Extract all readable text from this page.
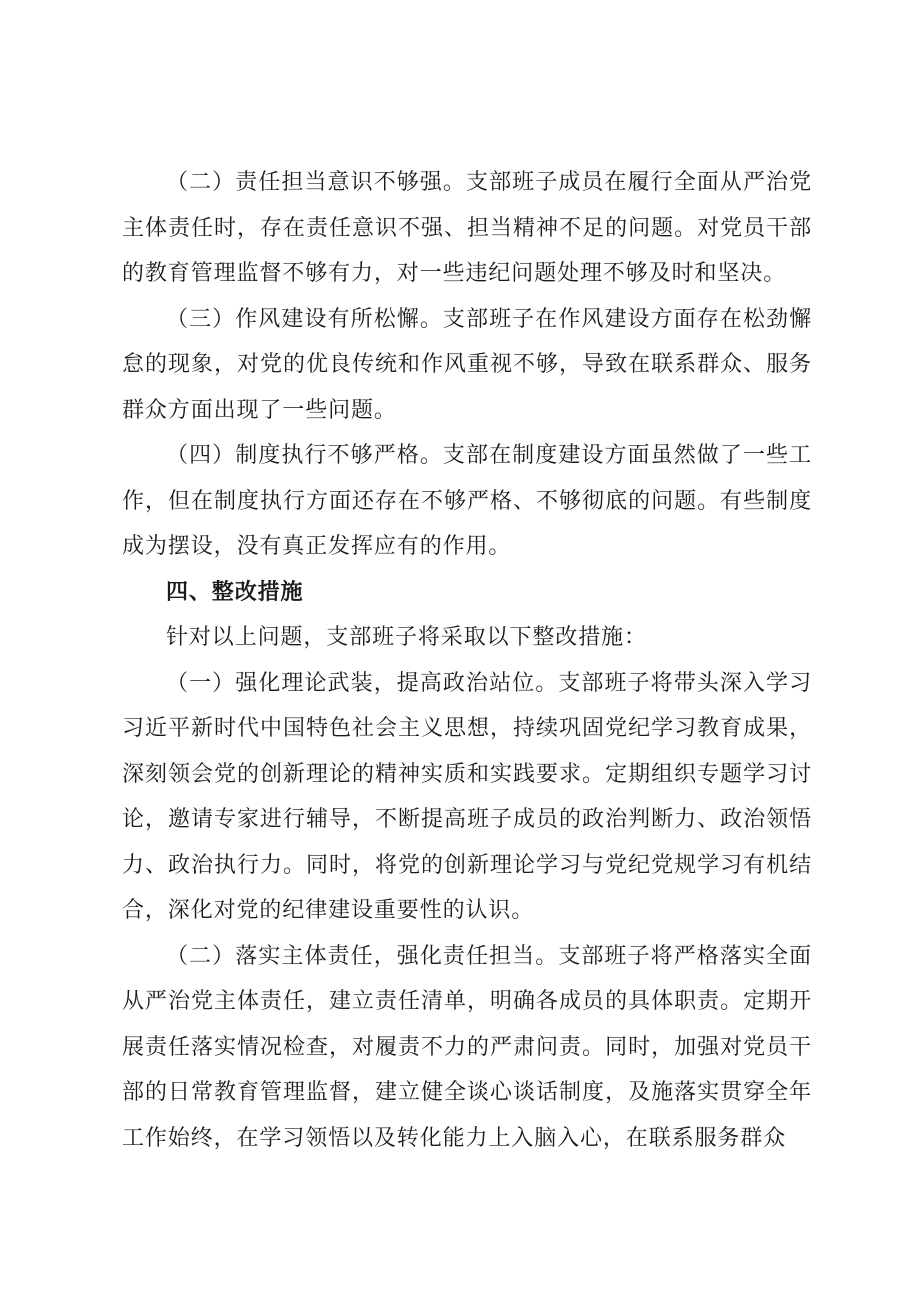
（二）责任担当意识不够强。支部班子成员在履行全面从严治党主体责任时，存在责任意识不强、担当精神不足的问题。对党员干部的教育管理监督不够有力，对一些违纪问题处理不够及时和坚决。

（三）作风建设有所松懈。支部班子在作风建设方面存在松劲懈怠的现象，对党的优良传统和作风重视不够，导致在联系群众、服务群众方面出现了一些问题。

（四）制度执行不够严格。支部在制度建设方面虽然做了一些工作，但在制度执行方面还存在不够严格、不够彻底的问题。有些制度成为摆设，没有真正发挥应有的作用。

四、整改措施

针对以上问题，支部班子将采取以下整改措施：

（一）强化理论武装，提高政治站位。支部班子将带头深入学习习近平新时代中国特色社会主义思想，持续巩固党纪学习教育成果，深刻领会党的创新理论的精神实质和实践要求。定期组织专题学习讨论，邀请专家进行辅导，不断提高班子成员的政治判断力、政治领悟力、政治执行力。同时，将党的创新理论学习与党纪党规学习有机结合，深化对党的纪律建设重要性的认识。

（二）落实主体责任，强化责任担当。支部班子将严格落实全面从严治党主体责任，建立责任清单，明确各成员的具体职责。定期开展责任落实情况检查，对履责不力的严肃问责。同时，加强对党员干部的日常教育管理监督，建立健全谈心谈话制度，及施落实贯穿全年工作始终，在学习领悟以及转化能力上入脑入心，在联系服务群众
